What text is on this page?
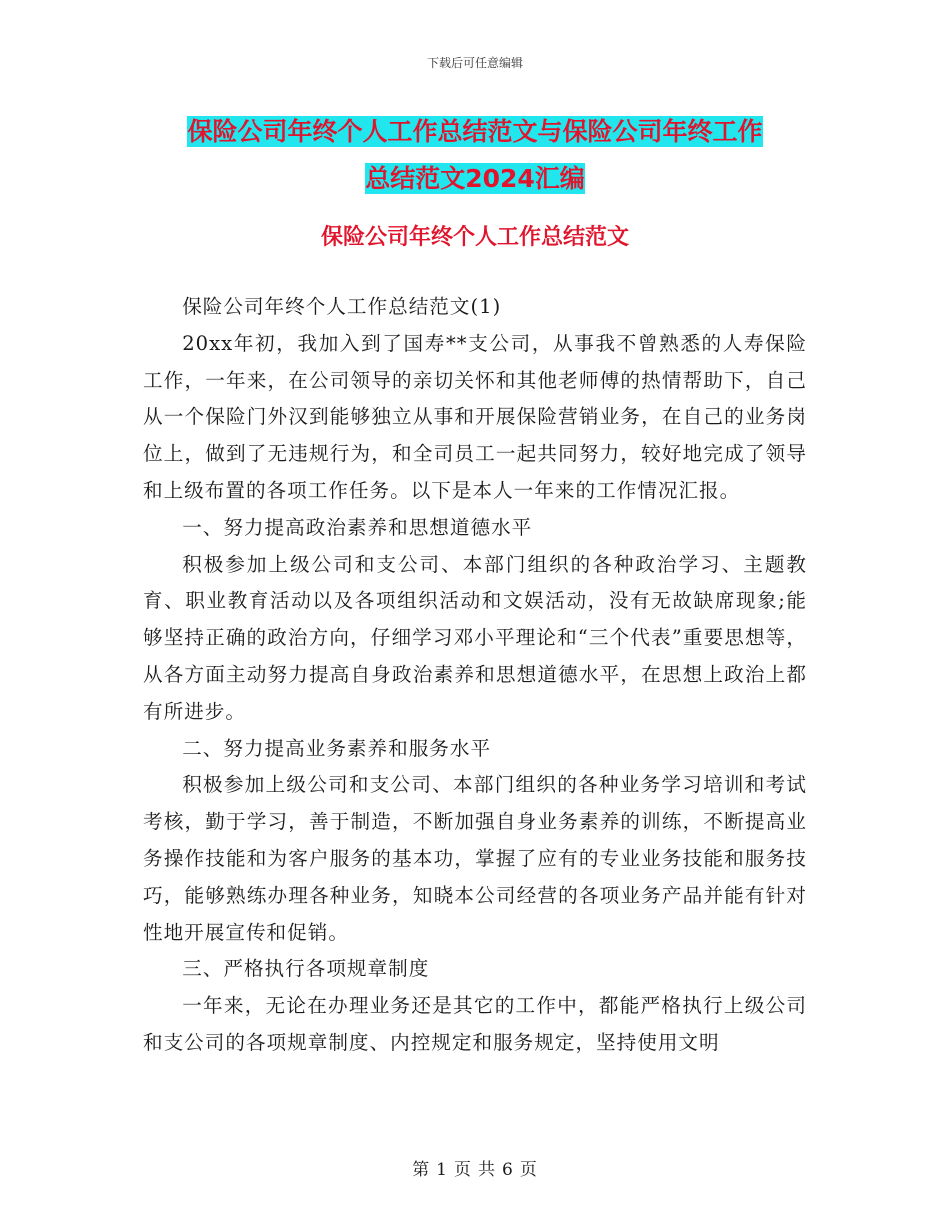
下载后可任意编辑
保险公司年终个人工作总结范文与保险公司年终工作
总结范文2024汇编
保险公司年终个人工作总结范文

保险公司年终个人工作总结范文(1)

20xx年初，我加入到了国寿**支公司，从事我不曾熟悉的人寿保险工作，一年来，在公司领导的亲切关怀和其他老师傅的热情帮助下，自己从一个保险门外汉到能够独立从事和开展保险营销业务，在自己的业务岗位上，做到了无违规行为，和全司员工一起共同努力，较好地完成了领导和上级布置的各项工作任务。以下是本人一年来的工作情况汇报。

一、努力提高政治素养和思想道德水平

积极参加上级公司和支公司、本部门组织的各种政治学习、主题教育、职业教育活动以及各项组织活动和文娱活动，没有无故缺席现象;能够坚持正确的政治方向，仔细学习邓小平理论和“三个代表”重要思想等，从各方面主动努力提高自身政治素养和思想道德水平，在思想上政治上都有所进步。

二、努力提高业务素养和服务水平

积极参加上级公司和支公司、本部门组织的各种业务学习培训和考试考核，勤于学习，善于制造，不断加强自身业务素养的训练，不断提高业务操作技能和为客户服务的基本功，掌握了应有的专业业务技能和服务技巧，能够熟练办理各种业务，知晓本公司经营的各项业务产品并能有针对性地开展宣传和促销。

三、严格执行各项规章制度

一年来，无论在办理业务还是其它的工作中，都能严格执行上级公司和支公司的各项规章制度、内控规定和服务规定，坚持使用文明

第 1 页 共 6 页
